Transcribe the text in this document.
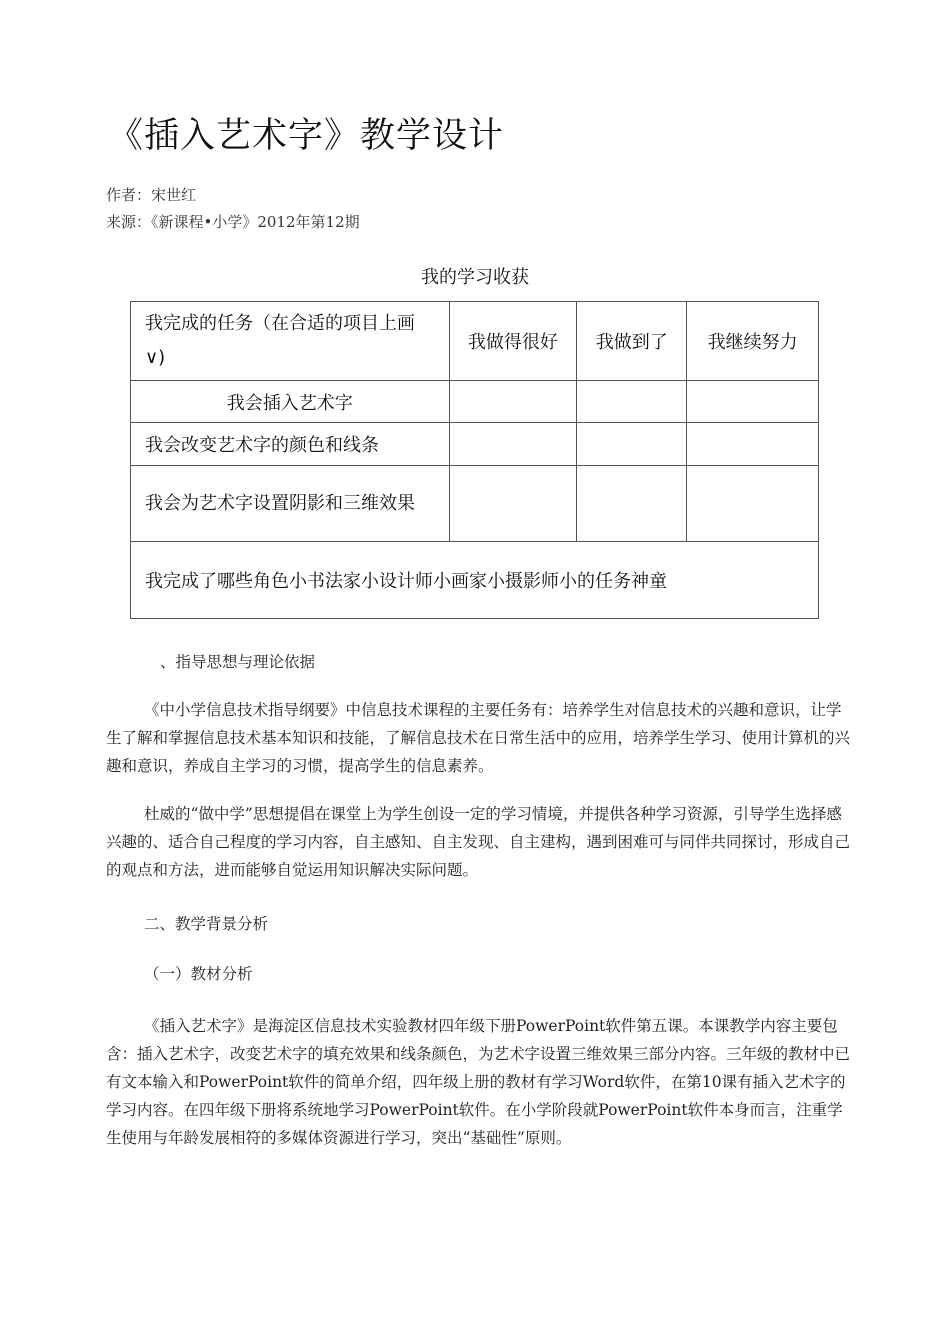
《插入艺术字》教学设计
作者：宋世红
来源：《新课程•小学》2012年第12期
我的学习收获
我完成的任务（在合适的项目上画∨)	我做得很好	我做到了	我继续努力
我会插入艺术字			
我会改变艺术字的颜色和线条			
我会为艺术字设置阴影和三维效果			
我完成了哪些角色小书法家小设计师小画家小摄影师小的任务神童			
、指导思想与理论依据

《中小学信息技术指导纲要》中信息技术课程的主要任务有：培养学生对信息技术的兴趣和意识，让学生了解和掌握信息技术基本知识和技能，了解信息技术在日常生活中的应用，培养学生学习、使用计算机的兴趣和意识，养成自主学习的习惯，提高学生的信息素养。

杜威的“做中学”思想提倡在课堂上为学生创设一定的学习情境，并提供各种学习资源，引导学生选择感兴趣的、适合自己程度的学习内容，自主感知、自主发现、自主建构，遇到困难可与同伴共同探讨，形成自己的观点和方法，进而能够自觉运用知识解决实际问题。

二、教学背景分析
（一）教材分析

《插入艺术字》是海淀区信息技术实验教材四年级下册PowerPoint软件第五课。本课教学内容主要包含：插入艺术字，改变艺术字的填充效果和线条颜色，为艺术字设置三维效果三部分内容。三年级的教材中已有文本输入和PowerPoint软件的简单介绍，四年级上册的教材有学习Word软件，在第10课有插入艺术字的学习内容。在四年级下册将系统地学习PowerPoint软件。在小学阶段就PowerPoint软件本身而言，注重学生使用与年龄发展相符的多媒体资源进行学习，突出“基础性”原则。
